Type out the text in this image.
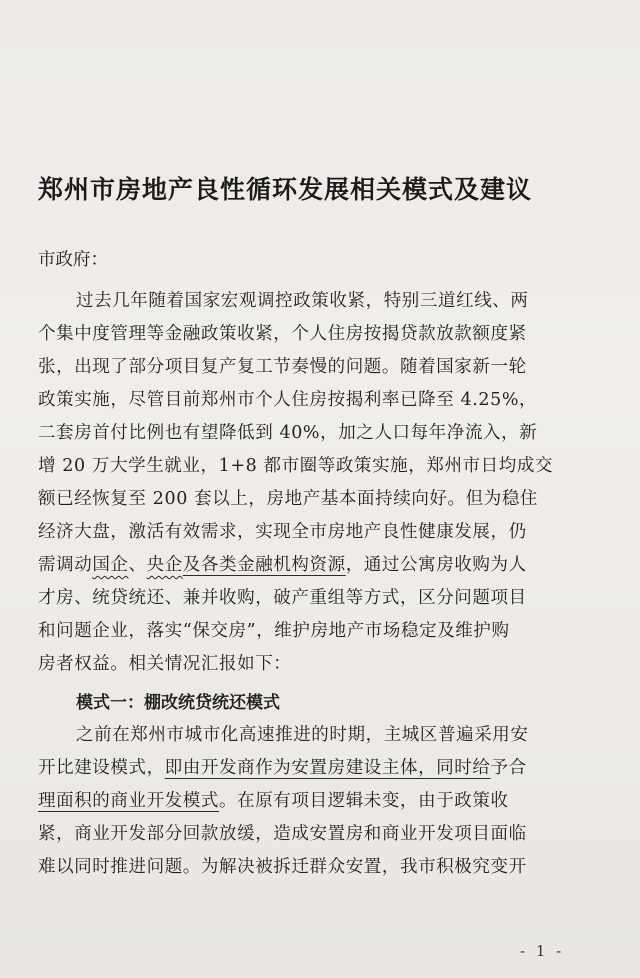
郑州市房地产良性循环发展相关模式及建议
市政府：
过去几年随着国家宏观调控政策收紧，特别三道红线、两
个集中度管理等金融政策收紧，个人住房按揭贷款放款额度紧
张，出现了部分项目复产复工节奏慢的问题。随着国家新一轮
政策实施，尽管目前郑州市个人住房按揭利率已降至 4.25%，
二套房首付比例也有望降低到 40%，加之人口每年净流入，新
增 20 万大学生就业，1+8 都市圈等政策实施，郑州市日均成交
额已经恢复至 200 套以上，房地产基本面持续向好。但为稳住
经济大盘，激活有效需求，实现全市房地产良性健康发展，仍
需调动国企、央企及各类金融机构资源，通过公寓房收购为人
才房、统贷统还、兼并收购，破产重组等方式，区分问题项目
和问题企业，落实“保交房”，维护房地产市场稳定及维护购
房者权益。相关情况汇报如下：
模式一：棚改统贷统还模式
之前在郑州市城市化高速推进的时期，主城区普遍采用安
开比建设模式，即由开发商作为安置房建设主体，同时给予合
理面积的商业开发模式。在原有项目逻辑未变，由于政策收
紧，商业开发部分回款放缓，造成安置房和商业开发项目面临
难以同时推进问题。为解决被拆迁群众安置，我市积极究变开
- 1 -
